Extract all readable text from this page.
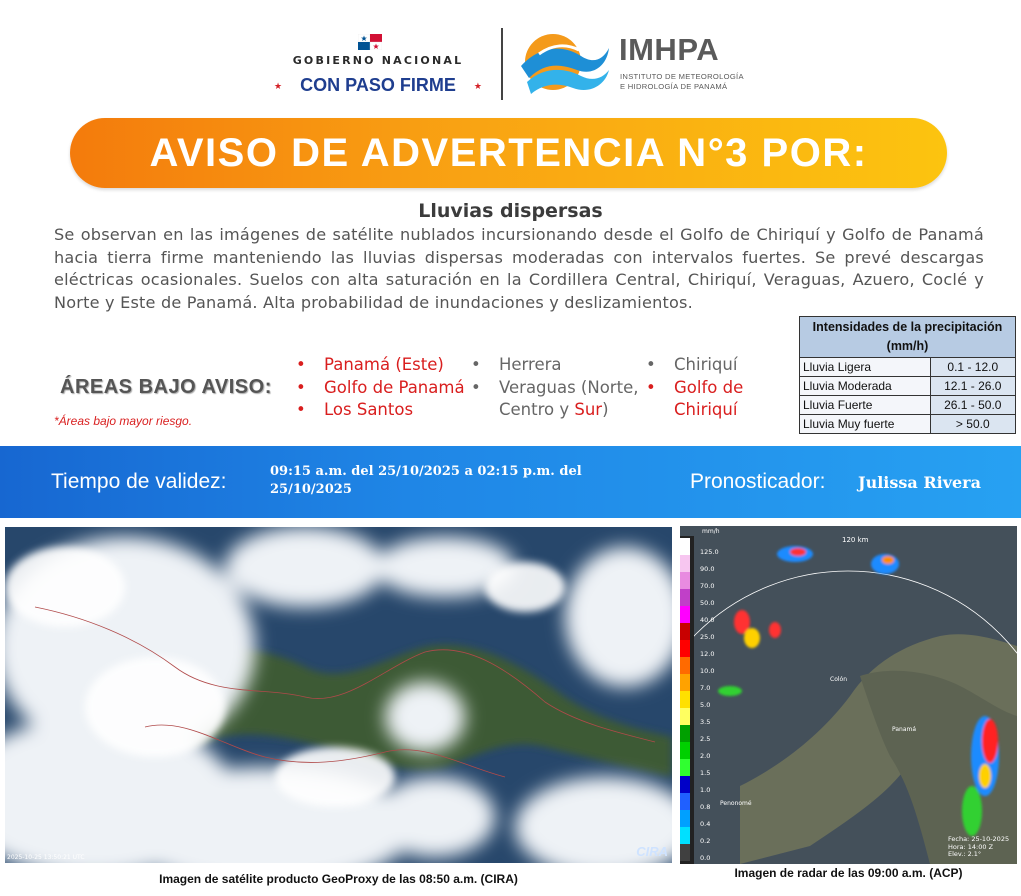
GOBIERNO NACIONAL
★	CON PASO FIRME	★
IMHPA
INSTITUTO DE METEOROLOGÍA
E HIDROLOGÍA DE PANAMÁ
AVISO DE ADVERTENCIA N°3 POR:
Lluvias dispersas
Se observan en las imágenes de satélite nublados incursionando desde el Golfo de Chiriquí y Golfo de Panamá hacia tierra firme manteniendo las lluvias dispersas moderadas con intervalos fuertes. Se prevé descargas eléctricas ocasionales. Suelos con alta saturación en la Cordillera Central, Chiriquí, Veraguas, Azuero, Coclé y Norte y Este de Panamá. Alta probabilidad de inundaciones y deslizamientos.
Intensidades de la precipitación
(mm/h)	
Lluvia Ligera	0.1 - 12.0
Lluvia Moderada	12.1 - 26.0
Lluvia Fuerte	26.1 - 50.0
Lluvia Muy fuerte	> 50.0
ÁREAS BAJO AVISO:
*Áreas bajo mayor riesgo.
•	Panamá (Este)
•	Golfo de Panamá
•	Los Santos
•	Herrera
•	Veraguas (Norte, Centro y Sur)
•	Chiriquí
•	Golfo de Chiriquí
Tiempo de validez:	09:15 a.m. del 25/10/2025 a 02:15 p.m. del 25/10/2025	Pronosticador: Julissa Rivera
2025-10-25 13:50:21 UTC	CIRA
Imagen de satélite producto GeoProxy de las 08:50 a.m. (CIRA)
mm/h
125.0
90.0
70.0
50.0
40.0
25.0
12.0
10.0
7.0
5.0
3.5
2.5
2.0
1.5
1.0
0.8
0.4
0.2
0.0
120 km
Colón
Panamá
Penonomé
Fecha: 25-10-2025
Hora: 14:00 Z
Elev.: 2.1°
Imagen de radar de las 09:00 a.m. (ACP)
